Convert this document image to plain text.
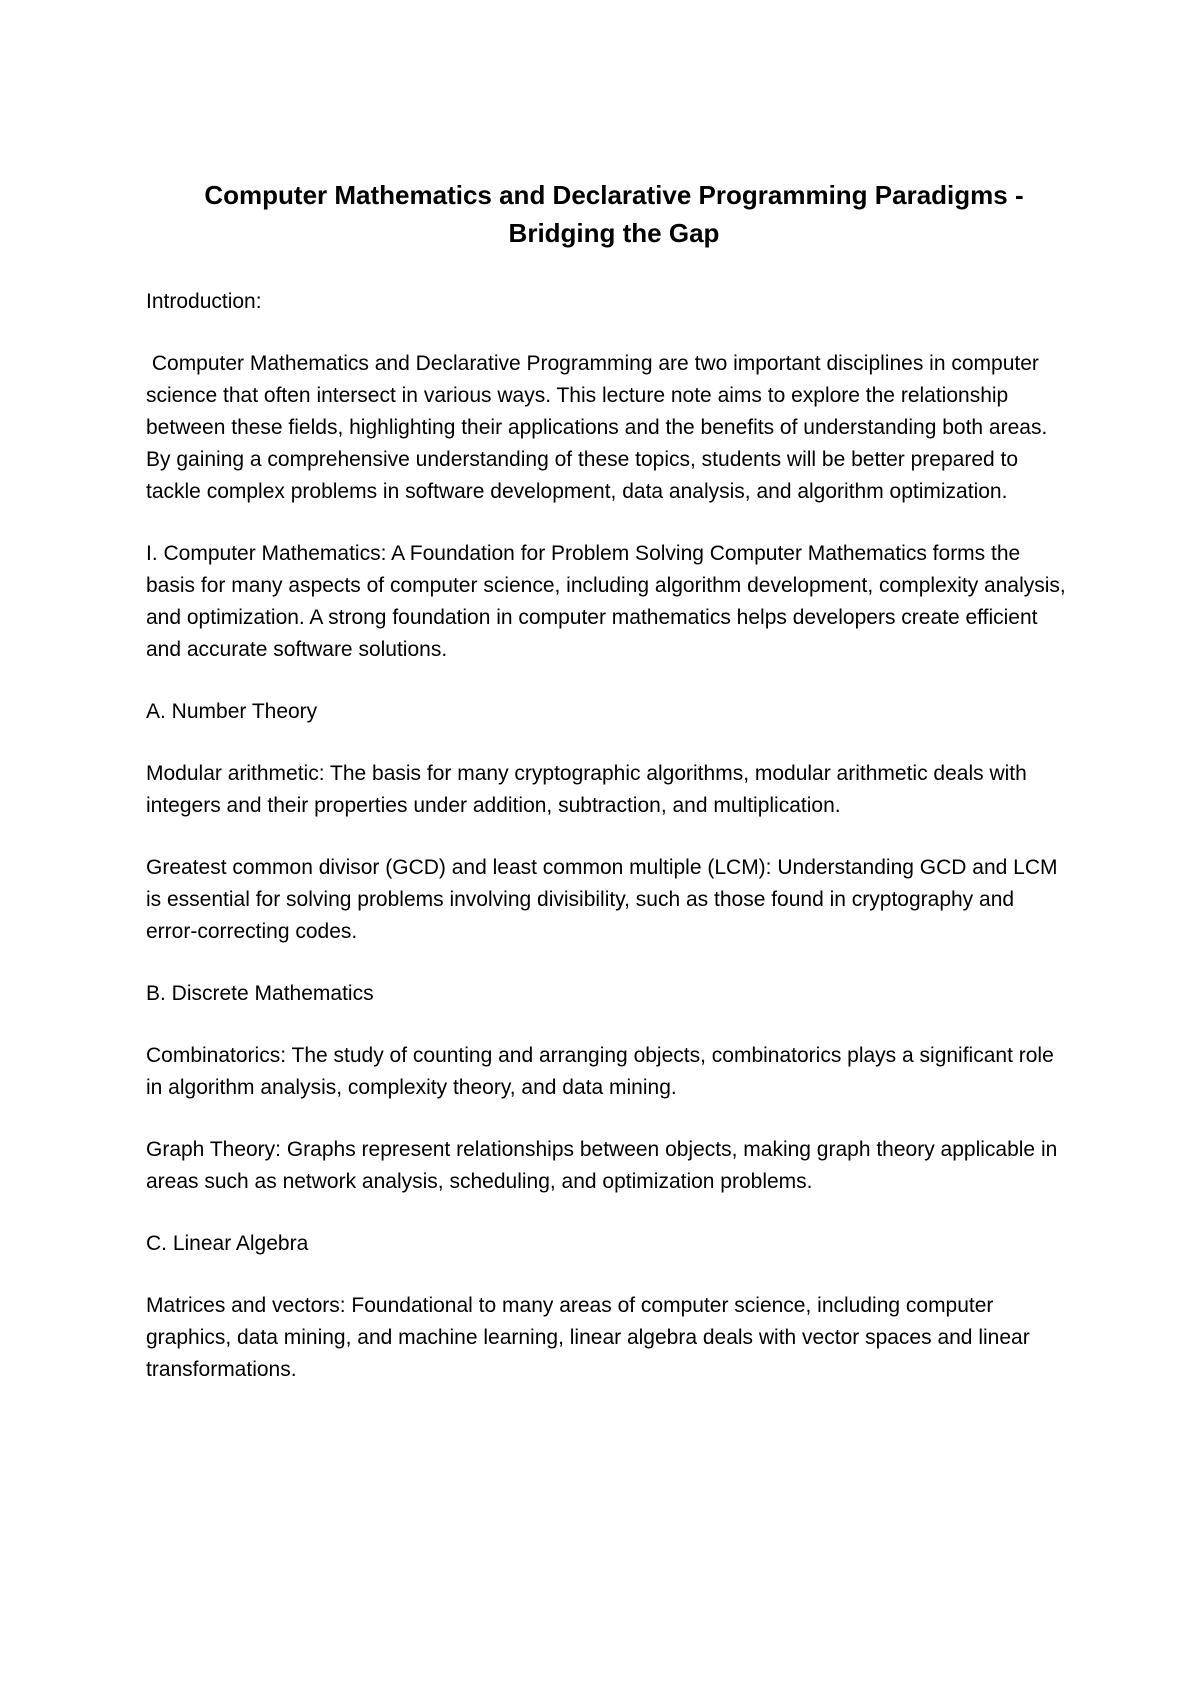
Computer Mathematics and Declarative Programming Paradigms - Bridging the Gap

Introduction:

Computer Mathematics and Declarative Programming are two important disciplines in computer science that often intersect in various ways. This lecture note aims to explore the relationship between these fields, highlighting their applications and the benefits of understanding both areas. By gaining a comprehensive understanding of these topics, students will be better prepared to tackle complex problems in software development, data analysis, and algorithm optimization.

I. Computer Mathematics: A Foundation for Problem Solving Computer Mathematics forms the basis for many aspects of computer science, including algorithm development, complexity analysis, and optimization. A strong foundation in computer mathematics helps developers create efficient and accurate software solutions.

A. Number Theory

Modular arithmetic: The basis for many cryptographic algorithms, modular arithmetic deals with integers and their properties under addition, subtraction, and multiplication.

Greatest common divisor (GCD) and least common multiple (LCM): Understanding GCD and LCM is essential for solving problems involving divisibility, such as those found in cryptography and error-correcting codes.

B. Discrete Mathematics

Combinatorics: The study of counting and arranging objects, combinatorics plays a significant role in algorithm analysis, complexity theory, and data mining.

Graph Theory: Graphs represent relationships between objects, making graph theory applicable in areas such as network analysis, scheduling, and optimization problems.

C. Linear Algebra

Matrices and vectors: Foundational to many areas of computer science, including computer graphics, data mining, and machine learning, linear algebra deals with vector spaces and linear transformations.
